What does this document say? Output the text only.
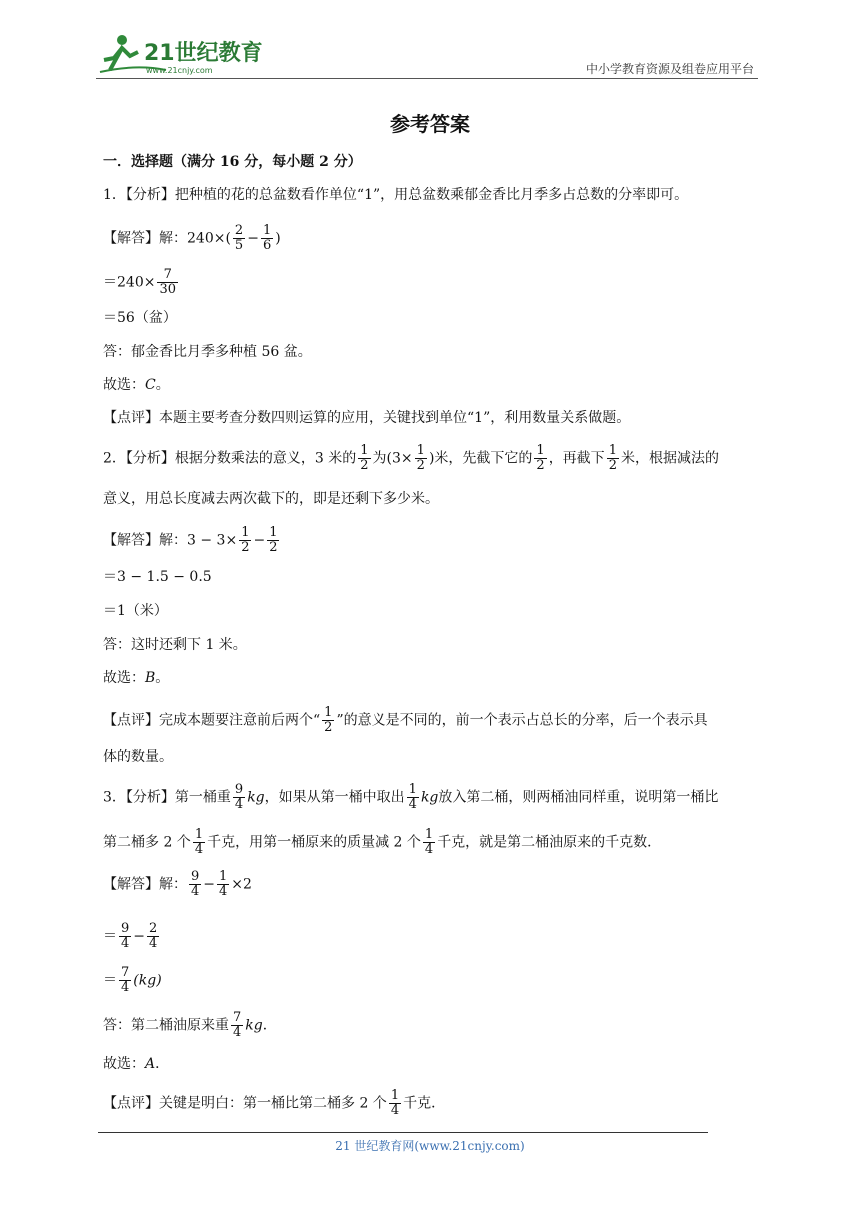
21世纪教育
www.21cnjy.com	中小学教育资源及组卷应用平台
参考答案
一．选择题（满分 16 分，每小题 2 分）
1．【分析】把种植的花的总盆数看作单位“1”，用总盆数乘郁金香比月季多占总数的分率即可。
【解答】解：$240\times( \frac{2}{5} - \frac{1}{6}$ )
$=240\times \frac{7}{30}$
＝56（盆）
答：郁金香比月季多种植 56 盆。
故选：C。
【点评】本题主要考查分数四则运算的应用，关键找到单位“1”，利用数量关系做题。
2．【分析】根据分数乘法的意义，3 米的 $\frac{1}{2}$ 为($3\times \frac{1}{2}$ )米，先截下它的 $\frac{1}{2}$ ，再截下 $\frac{1}{2}$ 米，根据减法的
意义，用总长度减去两次截下的，即是还剩下多少米。
【解答】解：$3 - 3\times \frac{1}{2} - \frac{1}{2}$
＝3 − 1.5 − 0.5
＝1（米）
答：这时还剩下 1 米。
故选：B。
【点评】完成本题要注意前后两个“ $\frac{1}{2}$ ”的意义是不同的，前一个表示占总长的分率，后一个表示具
体的数量。
3．【分析】第一桶重 $\frac{9}{4}$ kg，如果从第一桶中取出 $\frac{1}{4}$ kg放入第二桶，则两桶油同样重，说明第一桶比
第二桶多 2 个 $\frac{1}{4}$ 千克，用第一桶原来的质量减 2 个 $\frac{1}{4}$ 千克，就是第二桶油原来的千克数．
【解答】解： $\frac{9}{4} - \frac{1}{4} \times 2$
＝ $\frac{9}{4} - \frac{2}{4}$
＝ $\frac{7}{4} (kg)$
答：第二桶油原来重 $\frac{7}{4}$ kg．
故选：A．
【点评】关键是明白：第一桶比第二桶多 2 个 $\frac{1}{4}$ 千克．
21 世纪教育网(www.21cnjy.com)
